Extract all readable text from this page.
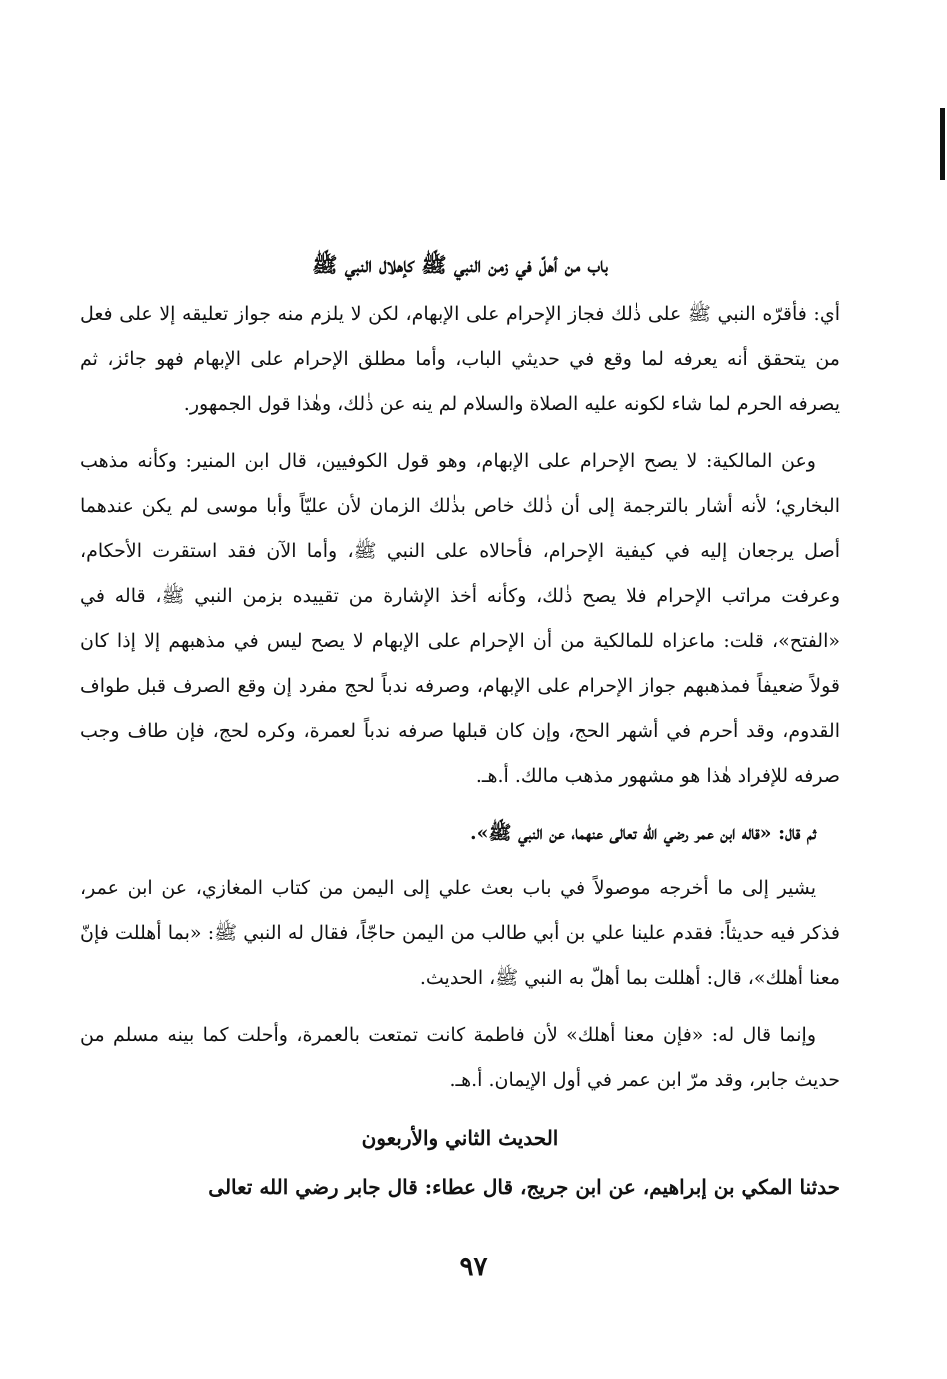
باب من أهلّ في زمن النبي ﷺ كإهلال النبي ﷺ

أي: فأقرّه النبي ﷺ على ذٰلك فجاز الإحرام على الإبهام، لكن لا يلزم منه جواز تعليقه إلا على فعل من يتحقق أنه يعرفه لما وقع في حديثي الباب، وأما مطلق الإحرام على الإبهام فهو جائز، ثم يصرفه الحرم لما شاء لكونه عليه الصلاة والسلام لم ينه عن ذٰلك، وهٰذا قول الجمهور.

وعن المالكية: لا يصح الإحرام على الإبهام، وهو قول الكوفيين، قال ابن المنير: وكأنه مذهب البخاري؛ لأنه أشار بالترجمة إلى أن ذٰلك خاص بذٰلك الزمان لأن عليّاً وأبا موسى لم يكن عندهما أصل يرجعان إليه في كيفية الإحرام، فأحالاه على النبي ﷺ، وأما الآن فقد استقرت الأحكام، وعرفت مراتب الإحرام فلا يصح ذٰلك، وكأنه أخذ الإشارة من تقييده بزمن النبي ﷺ، قاله في «الفتح»، قلت: ماعزاه للمالكية من أن الإحرام على الإبهام لا يصح ليس في مذهبهم إلا إذا كان قولاً ضعيفاً فمذهبهم جواز الإحرام على الإبهام، وصرفه ندباً لحج مفرد إن وقع الصرف قبل طواف القدوم، وقد أحرم في أشهر الحج، وإن كان قبلها صرفه ندباً لعمرة، وكره لحج، فإن طاف وجب صرفه للإفراد هٰذا هو مشهور مذهب مالك. أ.هـ.

ثم قال: «قاله ابن عمر رضي الله تعالى عنهما، عن النبي ﷺ».

يشير إلى ما أخرجه موصولاً في باب بعث علي إلى اليمن من كتاب المغازي، عن ابن عمر، فذكر فيه حديثاً: فقدم علينا علي بن أبي طالب من اليمن حاجّاً، فقال له النبي ﷺ: «بما أهللت فإنّ معنا أهلك»، قال: أهللت بما أهلّ به النبي ﷺ، الحديث.

وإنما قال له: «فإن معنا أهلك» لأن فاطمة كانت تمتعت بالعمرة، وأحلت كما بينه مسلم من حديث جابر، وقد مرّ ابن عمر في أول الإيمان. أ.هـ.

الحديث الثاني والأربعون

حدثنا المكي بن إبراهيم، عن ابن جريج، قال عطاء: قال جابر رضي الله تعالى

٩٧
